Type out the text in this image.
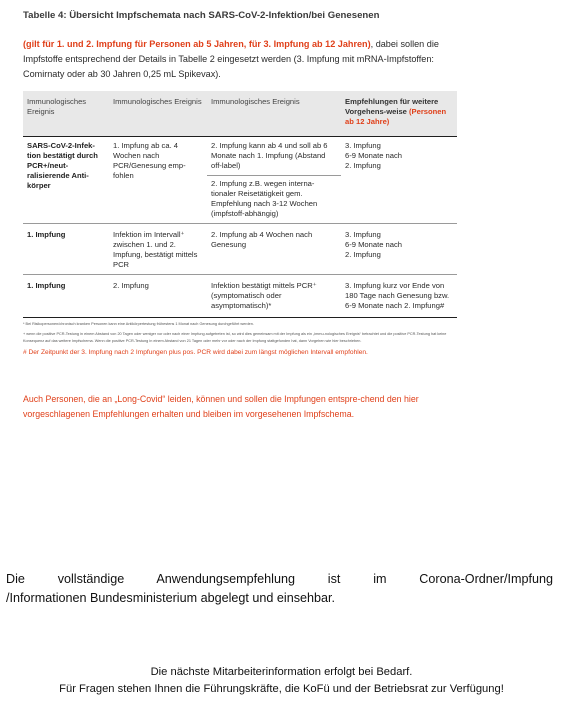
Tabelle 4: Übersicht Impfschemata nach SARS-CoV-2-Infektion/bei Genesenen
(gilt für 1. und 2. Impfung für Personen ab 5 Jahren, für 3. Impfung ab 12 Jahren), dabei sollen die Impfstoffe entsprechend der Details in Tabelle 2 eingesetzt werden (3. Impfung mit mRNA-Impfstoffen: Comirnaty oder ab 30 Jahren 0,25 mL Spikevax).
Immunologisches Ereignis	Immunologisches Ereignis	Immunologisches Ereignis	Empfehlungen für weitere Vorgehens-weise (Personen ab 12 Jahre)
SARS-CoV-2-Infek-tion bestätigt durch PCR+/neut-ralisierende Anti-körper	1. Impfung ab ca. 4 Wochen nach PCR/Genesung emp-fohlen	2. Impfung kann ab 4 und soll ab 6 Monate nach 1. Impfung (Abstand off-label)	3. Impfung
6-9 Monate nach
2. Impfung
		2. Impfung z.B. wegen interna-tionaler Reisetätigkeit gem. Empfehlung nach 3-12 Wochen (impfstoff-abhängig)	
1. Impfung	Infektion im Intervall⁺ zwischen 1. und 2. Impfung, bestätigt mittels PCR	2. Impfung ab 4 Wochen nach Genesung	3. Impfung
6-9 Monate nach
2. Impfung
1. Impfung	2. Impfung	Infektion bestätigt mittels PCR⁺ (symptomatisch oder asymptomatisch)*	3. Impfung kurz vor Ende von 180 Tage nach Genesung bzw. 6-9 Monate nach 2. Impfung#
* Bei Risikopersonen/chronisch kranken Personen kann eine Antikörpertestung frühestens 1 Monat nach Genesung durchgeführt werden.
+ wenn die positive PCR-Testung in einem Abstand von 20 Tagen oder weniger vor oder nach einer Impfung aufgetreten ist, so wird dies gemeinsam mit der Impfung als ein „immu-nologisches Ereignis“ betrachtet und die positive PCR-Testung hat keine Konsequenz auf das weitere Impfschema. Wenn die positive PCR-Testung in einem Abstand von 21 Tagen oder mehr vor oder nach der Impfung stattgefunden hat, dann Vorgehen wie hier beschrieben.
# Der Zeitpunkt der 3. Impfung nach 2 Impfungen plus pos. PCR wird dabei zum längst möglichen Intervall empfohlen.
Auch Personen, die an „Long-Covid“ leiden, können und sollen die Impfungen entspre-chend den hier vorgeschlagenen Empfehlungen erhalten und bleiben im vorgesehenen Impfschema.
Die vollständige Anwendungsempfehlung ist im Corona-Ordner/Impfung
/Informationen Bundesministerium abgelegt und einsehbar.
Die nächste Mitarbeiterinformation erfolgt bei Bedarf.
Für Fragen stehen Ihnen die Führungskräfte, die KoFü und der Betriebsrat zur Verfügung!
